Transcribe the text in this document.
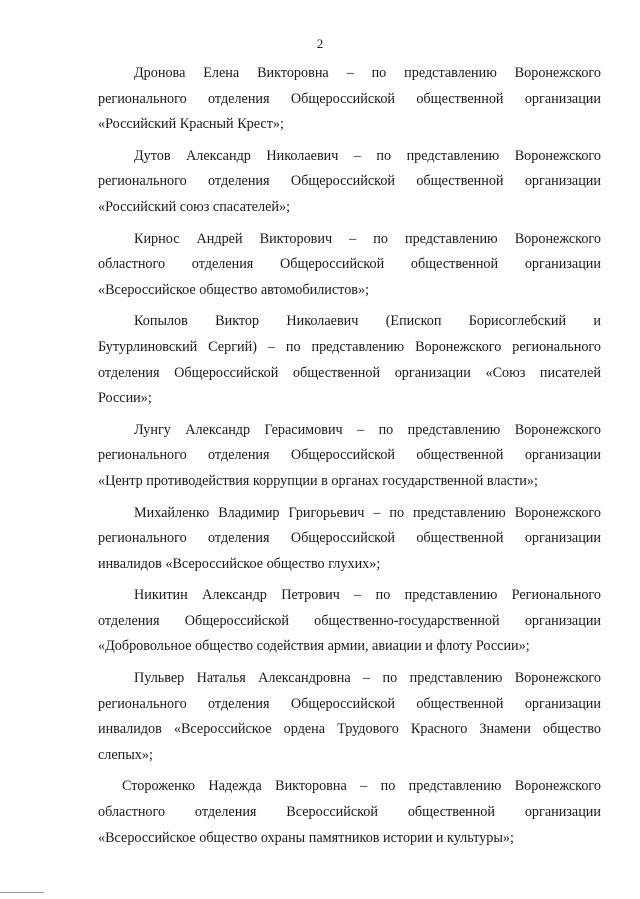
2

Дронова Елена Викторовна – по представлению Воронежского
регионального отделения Общероссийской общественной организации
«Российский Красный Крест»;

Дутов Александр Николаевич – по представлению Воронежского
регионального отделения Общероссийской общественной организации
«Российский союз спасателей»;

Кирнос Андрей Викторович – по представлению Воронежского
областного отделения Общероссийской общественной организации
«Всероссийское общество автомобилистов»;

Копылов Виктор Николаевич (Епископ Борисоглебский и
Бутурлиновский Сергий) – по представлению Воронежского регионального
отделения Общероссийской общественной организации «Союз писателей
России»;

Лунгу Александр Герасимович – по представлению Воронежского
регионального отделения Общероссийской общественной организации
«Центр противодействия коррупции в органах государственной власти»;

Михайленко Владимир Григорьевич – по представлению Воронежского
регионального отделения Общероссийской общественной организации
инвалидов «Всероссийское общество глухих»;

Никитин Александр Петрович – по представлению Регионального
отделения Общероссийской общественно-государственной организации
«Добровольное общество содействия армии, авиации и флоту России»;

Пульвер Наталья Александровна – по представлению Воронежского
регионального отделения Общероссийской общественной организации
инвалидов «Всероссийское ордена Трудового Красного Знамени общество
слепых»;

Стороженко Надежда Викторовна – по представлению Воронежского
областного отделения Всероссийской общественной организации
«Всероссийское общество охраны памятников истории и культуры»;
